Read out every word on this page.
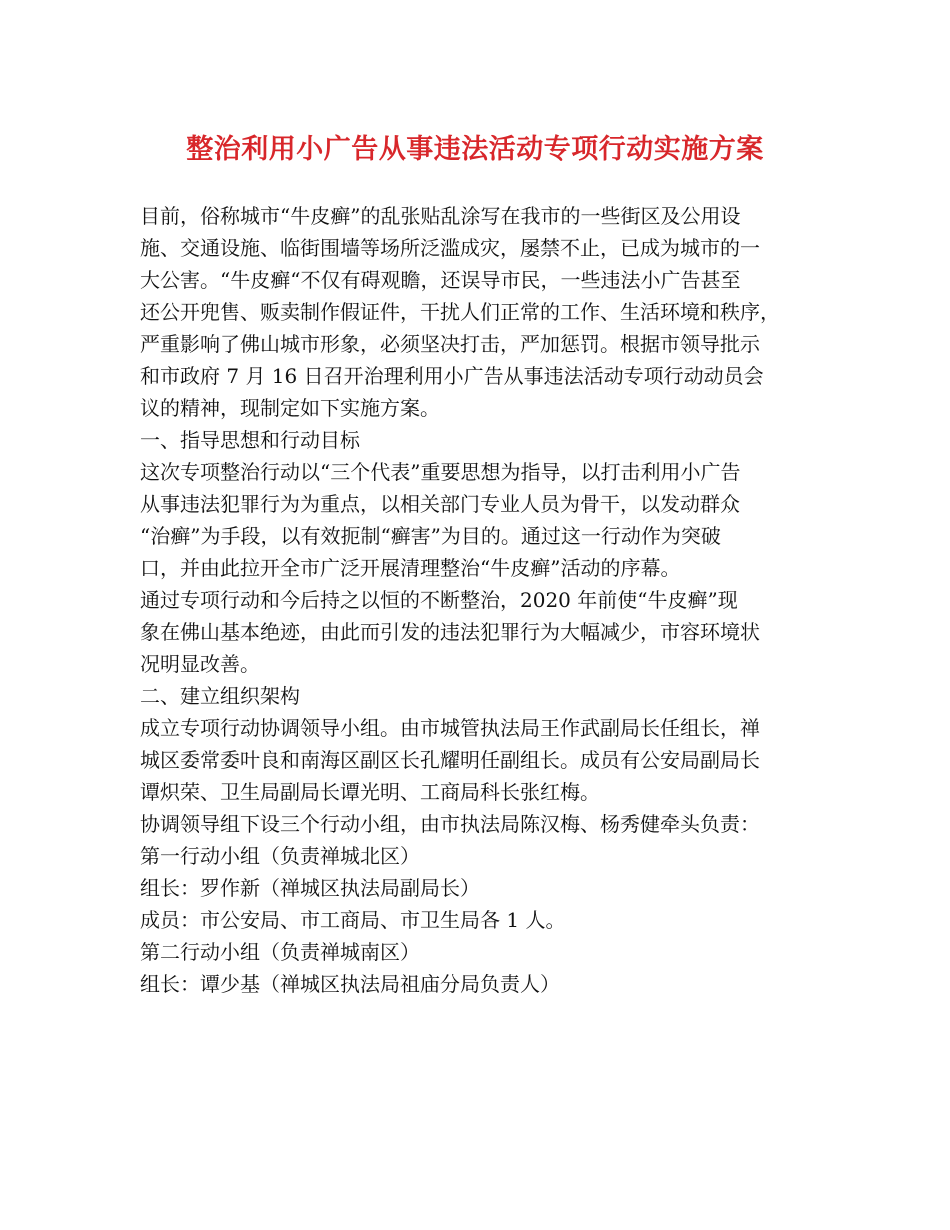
整治利用小广告从事违法活动专项行动实施方案
目前，俗称城市“牛皮癣”的乱张贴乱涂写在我市的一些街区及公用设
施、交通设施、临街围墙等场所泛滥成灾，屡禁不止，已成为城市的一
大公害。“牛皮癣“不仅有碍观瞻，还误导市民，一些违法小广告甚至
还公开兜售、贩卖制作假证件，干扰人们正常的工作、生活环境和秩序，
严重影响了佛山城市形象，必须坚决打击，严加惩罚。根据市领导批示
和市政府 7 月 16 日召开治理利用小广告从事违法活动专项行动动员会
议的精神，现制定如下实施方案。
一、指导思想和行动目标
这次专项整治行动以“三个代表”重要思想为指导，以打击利用小广告
从事违法犯罪行为为重点，以相关部门专业人员为骨干，以发动群众
“治癣”为手段，以有效扼制“癣害”为目的。通过这一行动作为突破
口，并由此拉开全市广泛开展清理整治“牛皮癣”活动的序幕。
通过专项行动和今后持之以恒的不断整治，2020 年前使“牛皮癣”现
象在佛山基本绝迹，由此而引发的违法犯罪行为大幅减少，市容环境状
况明显改善。
二、建立组织架构
成立专项行动协调领导小组。由市城管执法局王作武副局长任组长，禅
城区委常委叶良和南海区副区长孔耀明任副组长。成员有公安局副局长
谭炽荣、卫生局副局长谭光明、工商局科长张红梅。
协调领导组下设三个行动小组，由市执法局陈汉梅、杨秀健牵头负责：
第一行动小组（负责禅城北区）
组长：罗作新（禅城区执法局副局长）
成员：市公安局、市工商局、市卫生局各 1 人。
第二行动小组（负责禅城南区）
组长：谭少基（禅城区执法局祖庙分局负责人）
